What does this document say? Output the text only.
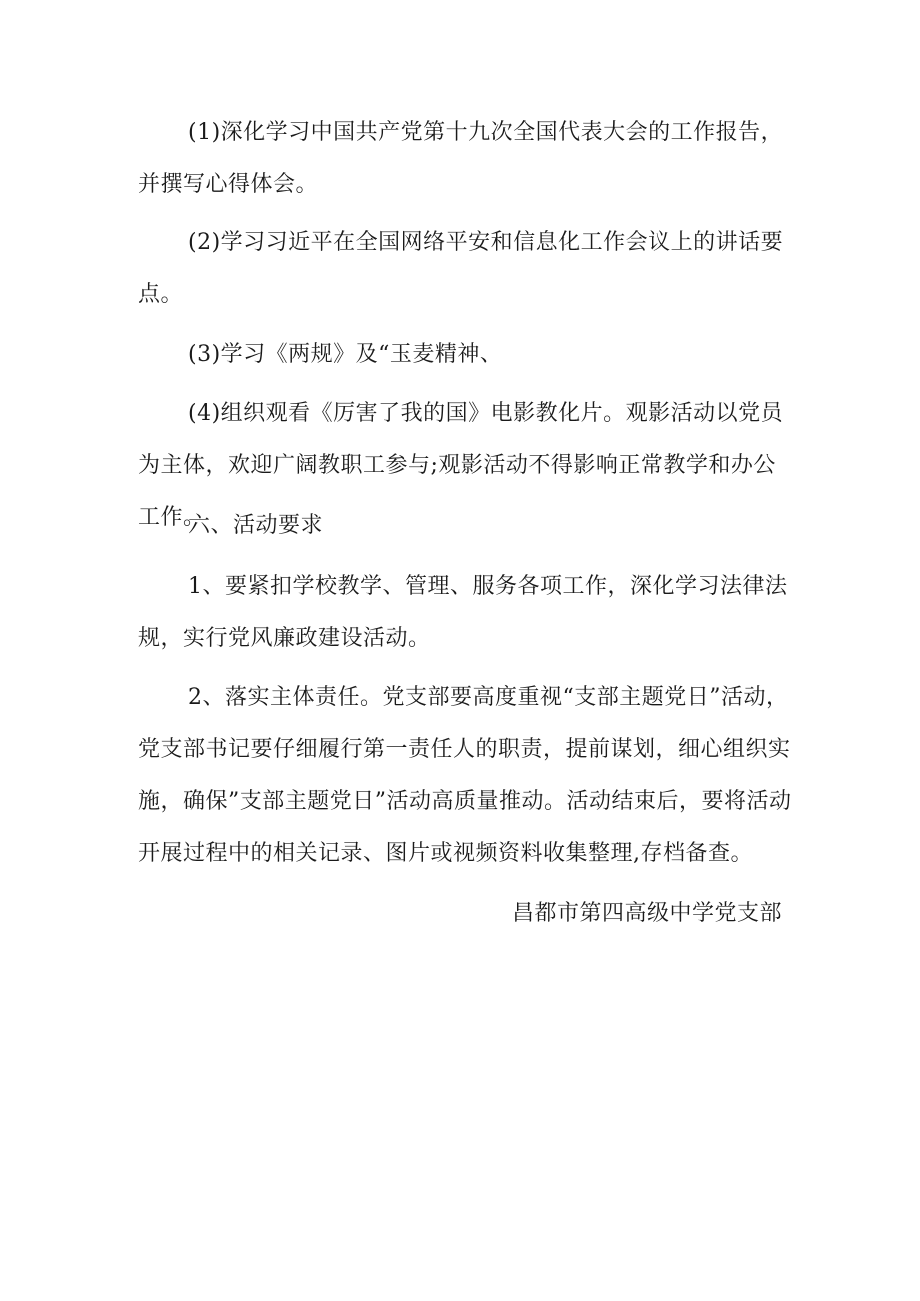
(1)深化学习中国共产党第十九次全国代表大会的工作报告，并撰写心得体会。

(2)学习习近平在全国网络平安和信息化工作会议上的讲话要点。

(3)学习《两规》及“玉麦精神、

(4)组织观看《厉害了我的国》电影教化片。观影活动以党员为主体，欢迎广阔教职工参与;观影活动不得影响正常教学和办公工作。

六、活动要求

1、要紧扣学校教学、管理、服务各项工作，深化学习法律法规，实行党风廉政建设活动。

2、落实主体责任。党支部要高度重视“支部主题党日”活动，党支部书记要仔细履行第一责任人的职责，提前谋划，细心组织实施，确保”支部主题党日”活动高质量推动。活动结束后，要将活动开展过程中的相关记录、图片或视频资料收集整理,存档备查。

昌都市第四高级中学党支部
